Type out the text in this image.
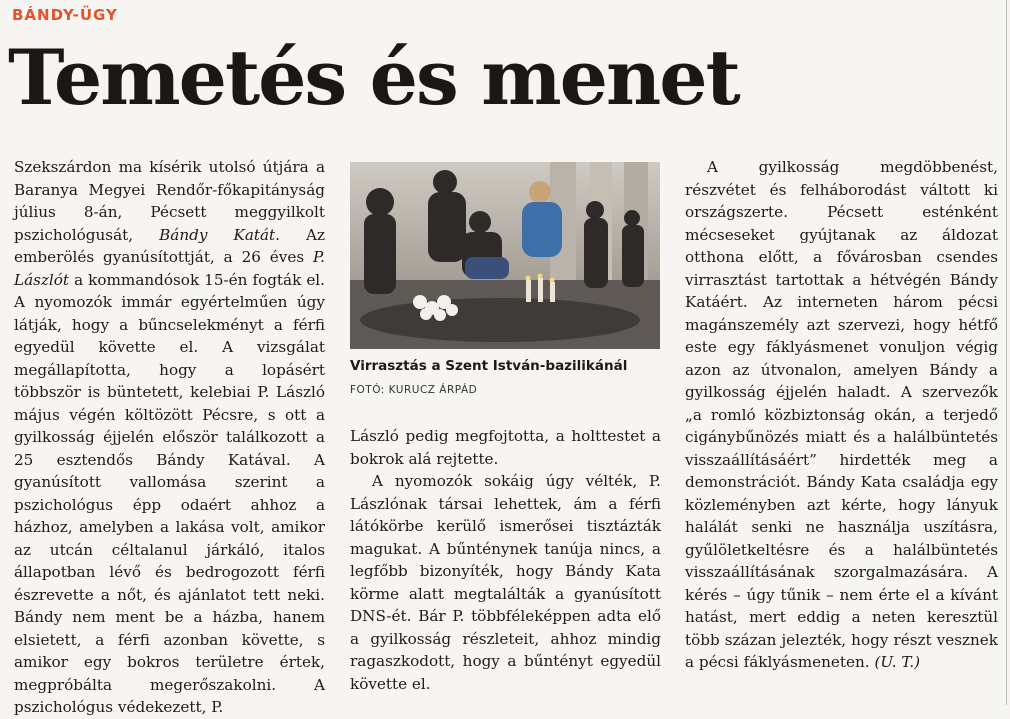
BÁNDY-ÜGY
Temetés és menet

Szekszárdon ma kísérik utolsó útjára a Baranya Megyei Rendőr-főkapitányság július 8-án, Pécsett meggyilkolt pszichológusát, Bándy Katát. Az emberölés gyanúsítottját, a 26 éves P. Lászlót a kommandósok 15-én fogták el. A nyomozók immár egyértelműen úgy látják, hogy a bűncselekményt a férfi egyedül követte el. A vizsgálat megállapította, hogy a lopásért többször is büntetett, kelebiai P. László május végén költözött Pécsre, s ott a gyilkosság éjjelén először találkozott a 25 esztendős Bándy Katával. A gyanúsított vallomása szerint a pszichológus épp odaért ahhoz a házhoz, amelyben a lakása volt, amikor az utcán céltalanul járkáló, italos állapotban lévő és bedrogozott férfi észrevette a nőt, és ajánlatot tett neki. Bándy nem ment be a házba, hanem elsietett, a férfi azonban követte, s amikor egy bokros területre értek, megpróbálta megerőszakolni. A pszichológus védekezett, P.

Virrasztás a Szent István-bazilikánál
FOTÓ: KURUCZ ÁRPÁD

László pedig megfojtotta, a holttestet a bokrok alá rejtette.

A nyomozók sokáig úgy vélték, P. Lászlónak társai lehettek, ám a férfi látókörbe kerülő ismerősei tisztázták magukat. A bűnténynek tanúja nincs, a legfőbb bizonyíték, hogy Bándy Kata körme alatt megtalálták a gyanúsított DNS-ét. Bár P. többféleképpen adta elő a gyilkosság részleteit, ahhoz mindig ragaszkodott, hogy a bűntényt egyedül követte el.

A gyilkosság megdöbbenést, részvétet és felháborodást váltott ki országszerte. Pécsett esténként mécseseket gyújtanak az áldozat otthona előtt, a fővárosban csendes virrasztást tartottak a hétvégén Bándy Katáért. Az interneten három pécsi magánszemély azt szervezi, hogy hétfő este egy fáklyásmenet vonuljon végig azon az útvonalon, amelyen Bándy a gyilkosság éjjelén haladt. A szervezők „a romló közbiztonság okán, a terjedő cigánybűnözés miatt és a halálbüntetés visszaállításáért” hirdették meg a demonstrációt. Bándy Kata családja egy közleményben azt kérte, hogy lányuk halálát senki ne használja uszításra, gyűlöletkeltésre és a halálbüntetés visszaállításának szorgalmazására. A kérés – úgy tűnik – nem érte el a kívánt hatást, mert eddig a neten keresztül több százan jelezték, hogy részt vesznek a pécsi fáklyásmeneten. (U. T.)
